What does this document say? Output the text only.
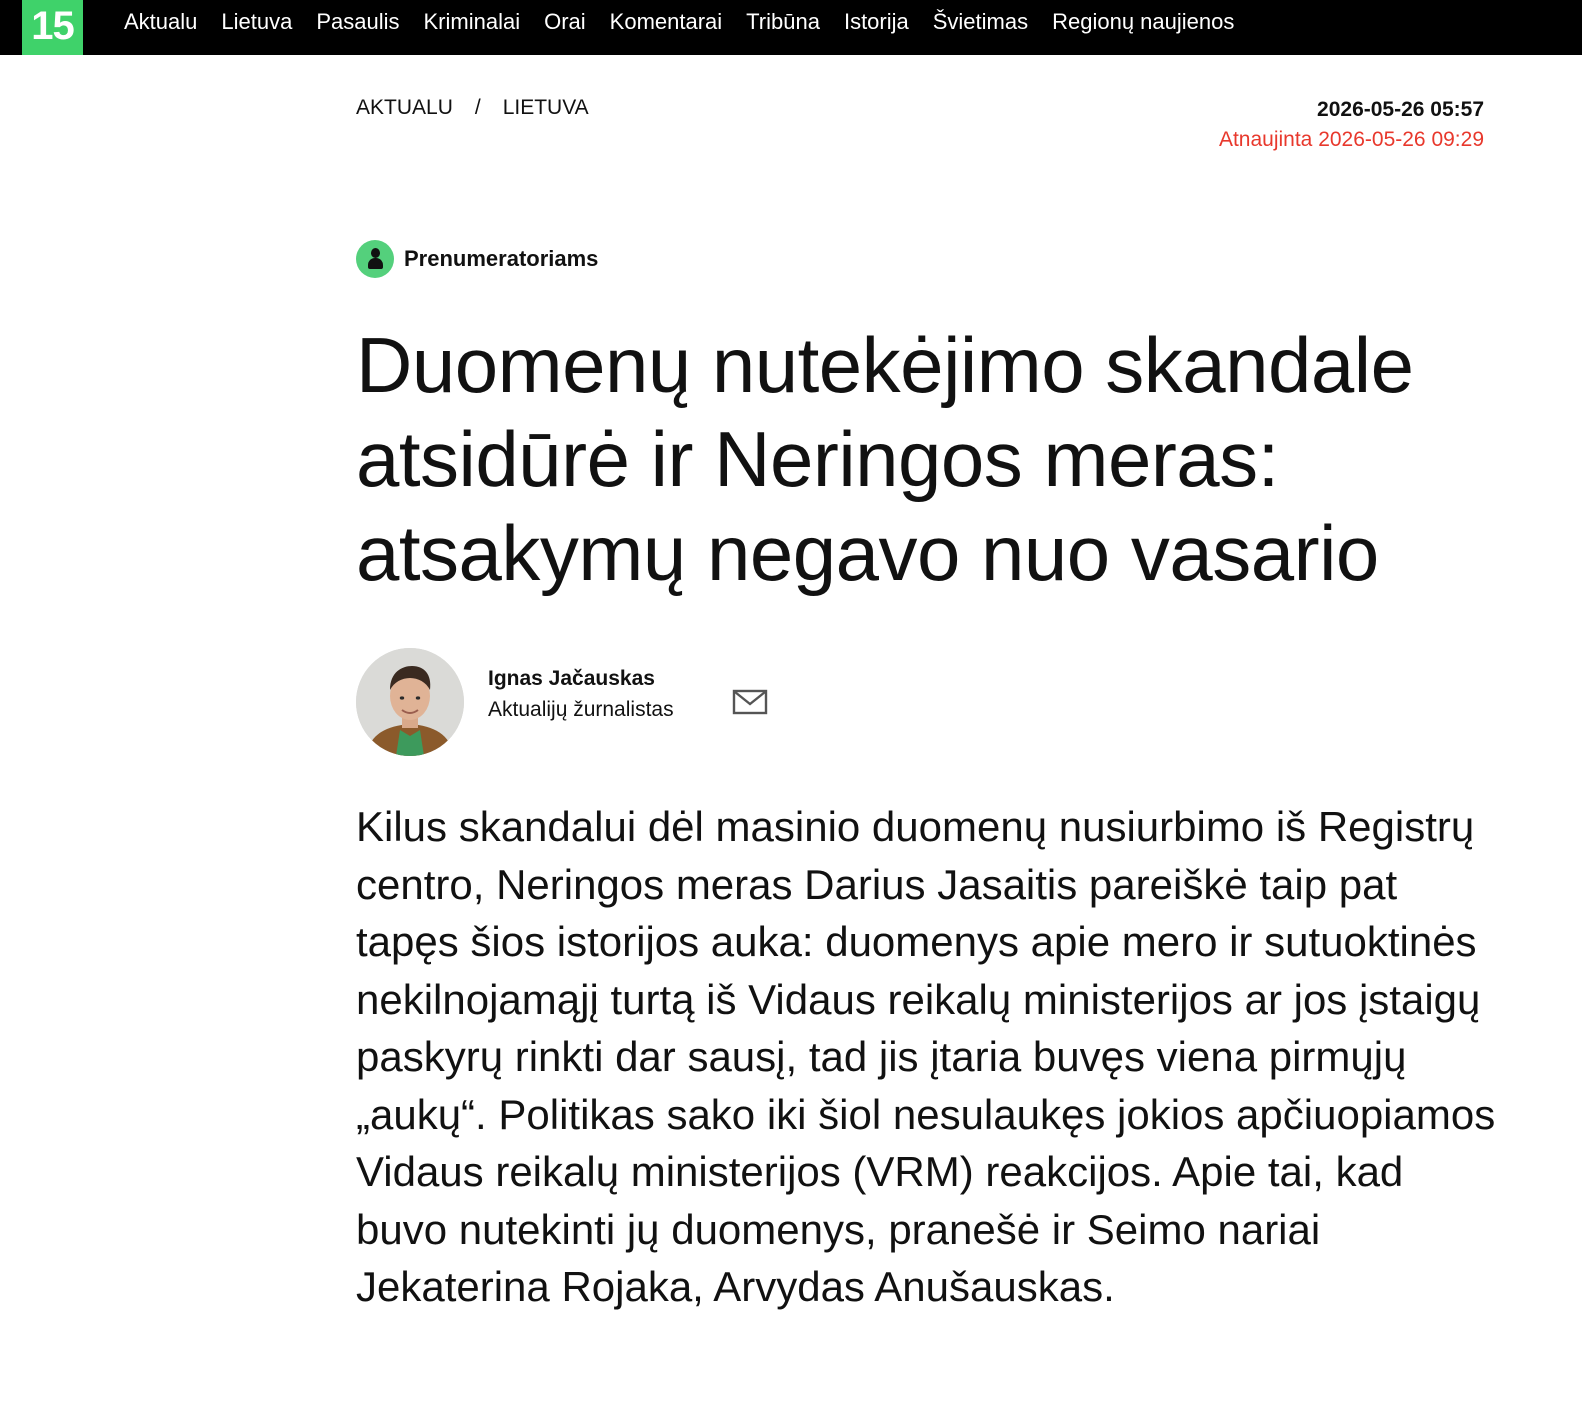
15	Aktualu Lietuva Pasaulis Kriminalai Orai Komentarai Tribūna Istorija Švietimas Regionų naujienos
AKTUALU / LIETUVA	2026-05-26 05:57
Atnaujinta 2026-05-26 09:29
Prenumeratoriams
Duomenų nutekėjimo skandale atsidūrė ir Neringos meras: atsakymų negavo nuo vasario
Ignas Jačauskas
Aktualijų žurnalistas

Kilus skandalui dėl masinio duomenų nusiurbimo iš Registrų centro, Neringos meras Darius Jasaitis pareiškė taip pat tapęs šios istorijos auka: duomenys apie mero ir sutuoktinės nekilnojamąjį turtą iš Vidaus reikalų ministerijos ar jos įstaigų paskyrų rinkti dar sausį, tad jis įtaria buvęs viena pirmųjų „aukų“. Politikas sako iki šiol nesulaukęs jokios apčiuopiamos Vidaus reikalų ministerijos (VRM) reakcijos. Apie tai, kad buvo nutekinti jų duomenys, pranešė ir Seimo nariai Jekaterina Rojaka, Arvydas Anušauskas.
